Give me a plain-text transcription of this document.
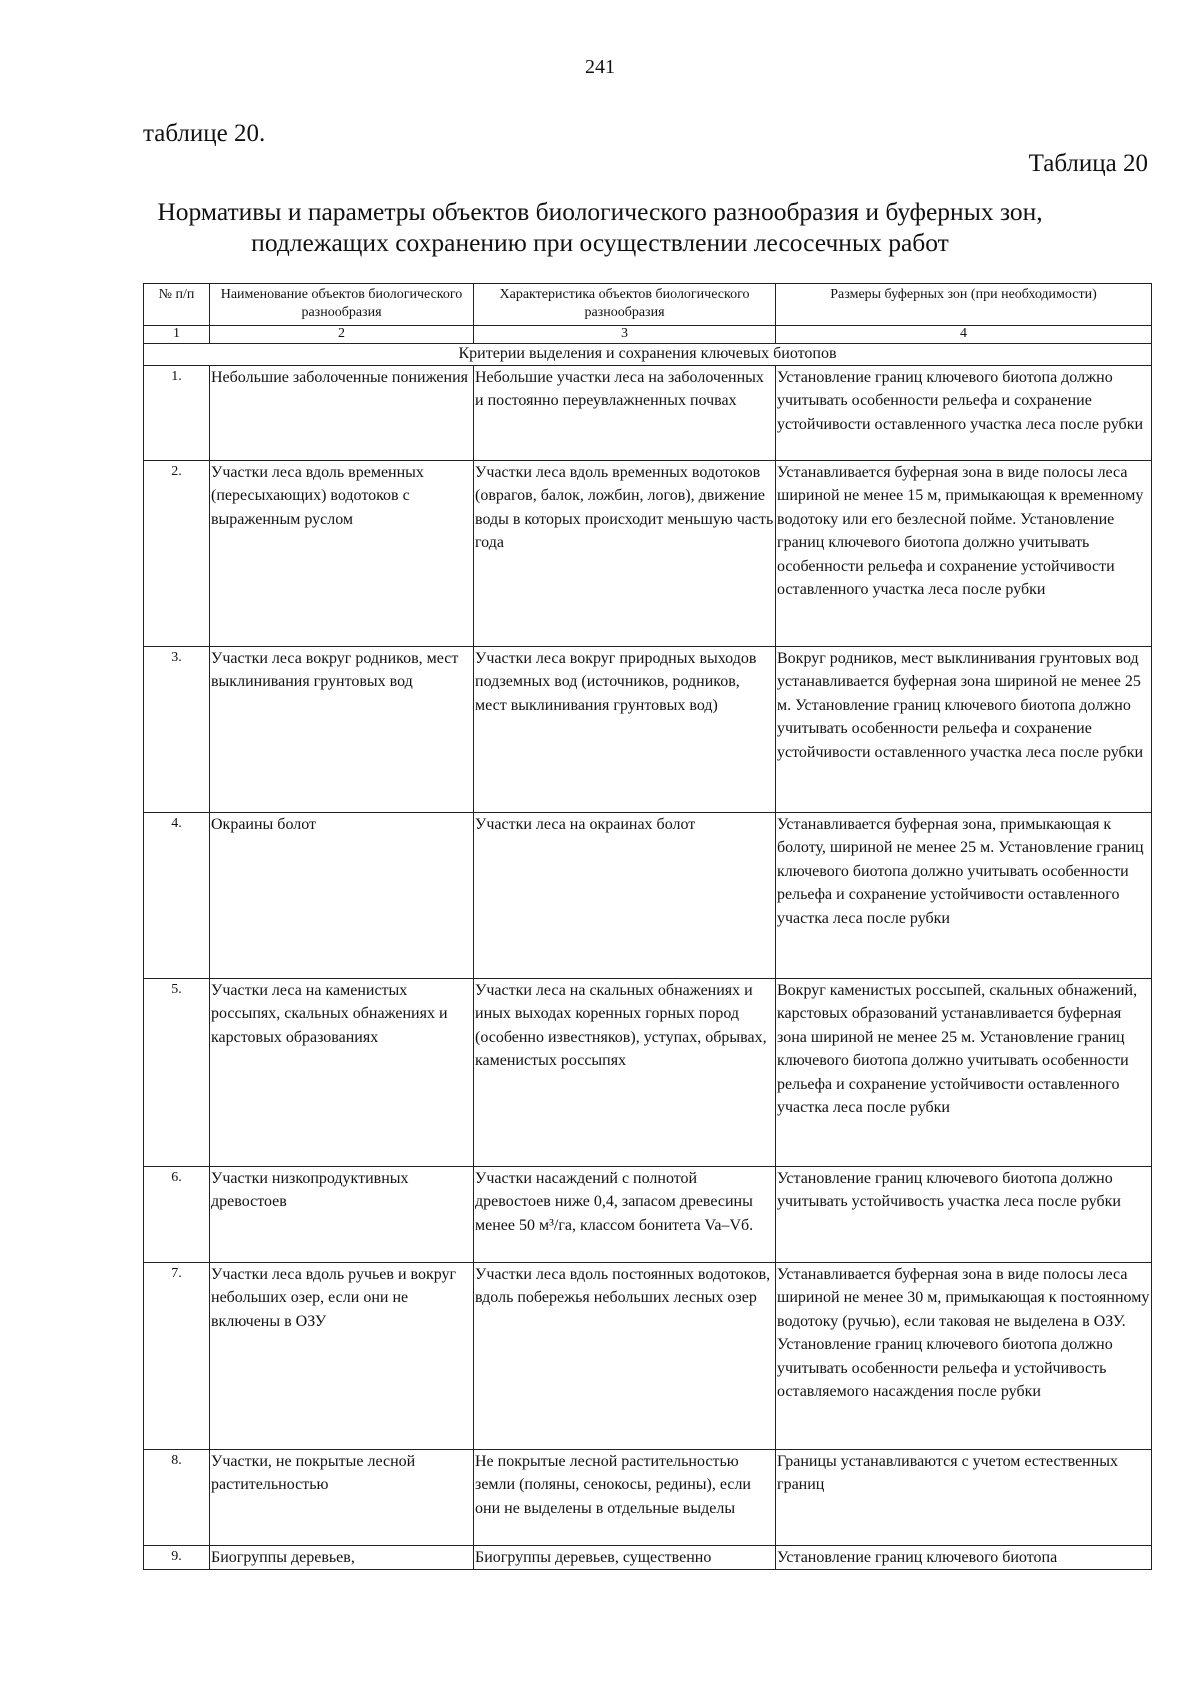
241
таблице 20.
Таблица 20
Нормативы и параметры объектов биологического разнообразия и буферных зон,
подлежащих сохранению при осуществлении лесосечных работ
№ п/п	Наименование объектов биологического разнообразия	Характеристика объектов биологического разнообразия	Размеры буферных зон (при необходимости)
1	2	3	4
Критерии выделения и сохранения ключевых биотопов			
1.	Небольшие заболоченные понижения	Небольшие участки леса на заболоченных и постоянно переувлажненных почвах	Установление границ ключевого биотопа должно учитывать особенности рельефа и сохранение устойчивости оставленного участка леса после рубки
2.	Участки леса вдоль временных (пересыхающих) водотоков с выраженным руслом	Участки леса вдоль временных водотоков (оврагов, балок, ложбин, логов), движение воды в которых происходит меньшую часть года	Устанавливается буферная зона в виде полосы леса шириной не менее 15 м, примыкающая к временному водотоку или его безлесной пойме. Установление границ ключевого биотопа должно учитывать особенности рельефа и сохранение устойчивости оставленного участка леса после рубки
3.	Участки леса вокруг родников, мест выклинивания грунтовых вод	Участки леса вокруг природных выходов подземных вод (источников, родников, мест выклинивания грунтовых вод)	Вокруг родников, мест выклинивания грунтовых вод устанавливается буферная зона шириной не менее 25 м. Установление границ ключевого биотопа должно учитывать особенности рельефа и сохранение устойчивости оставленного участка леса после рубки
4.	Окраины болот	Участки леса на окраинах болот	Устанавливается буферная зона, примыкающая к болоту, шириной не менее 25 м. Установление границ ключевого биотопа должно учитывать особенности рельефа и сохранение устойчивости оставленного участка леса после рубки
5.	Участки леса на каменистых россыпях, скальных обнажениях и карстовых образованиях	Участки леса на скальных обнажениях и иных выходах коренных горных пород (особенно известняков), уступах, обрывах, каменистых россыпях	Вокруг каменистых россыпей, скальных обнажений, карстовых образований устанавливается буферная зона шириной не менее 25 м. Установление границ ключевого биотопа должно учитывать особенности рельефа и сохранение устойчивости оставленного участка леса после рубки
6.	Участки низкопродуктивных древостоев	Участки насаждений с полнотой древостоев ниже 0,4, запасом древесины менее 50 м³/га, классом бонитета Va–Vб.	Установление границ ключевого биотопа должно учитывать устойчивость участка леса после рубки
7.	Участки леса вдоль ручьев и вокруг небольших озер, если они не включены в ОЗУ	Участки леса вдоль постоянных водотоков, вдоль побережья небольших лесных озер	Устанавливается буферная зона в виде полосы леса шириной не менее 30 м, примыкающая к постоянному водотоку (ручью), если таковая не выделена в ОЗУ. Установление границ ключевого биотопа должно учитывать особенности рельефа и устойчивость оставляемого насаждения после рубки
8.	Участки, не покрытые лесной растительностью	Не покрытые лесной растительностью земли (поляны, сенокосы, редины), если они не выделены в отдельные выделы	Границы устанавливаются с учетом естественных границ
9.	Биогруппы деревьев,	Биогруппы деревьев, существенно	Установление границ ключевого биотопа
